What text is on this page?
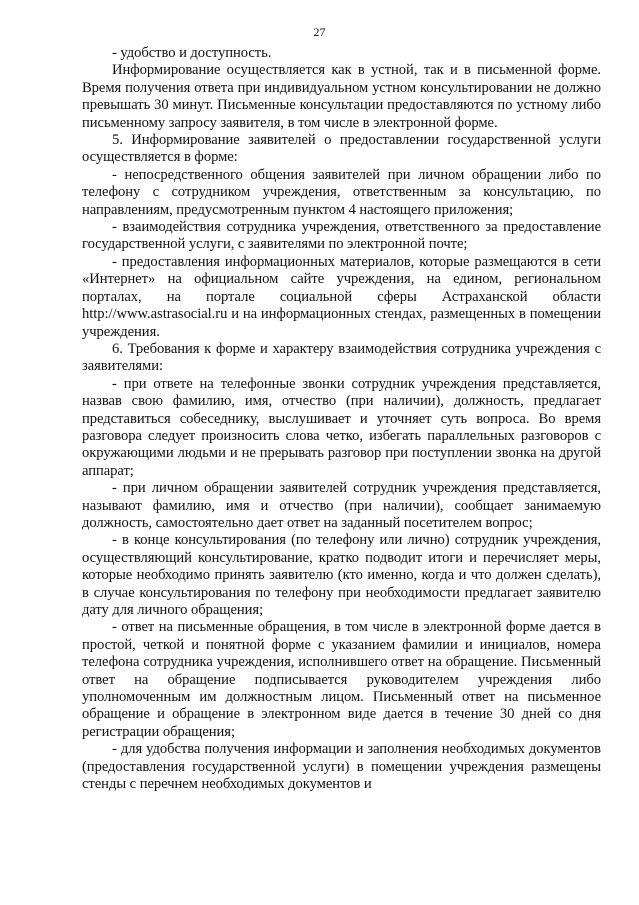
27

- удобство и доступность.

Информирование осуществляется как в устной, так и в письменной форме. Время получения ответа при индивидуальном устном консультировании не должно превышать 30 минут. Письменные консультации предоставляются по устному либо письменному запросу заявителя, в том числе в электронной форме.

5. Информирование заявителей о предоставлении государственной услуги осуществляется в форме:

- непосредственного общения заявителей при личном обращении либо по телефону с сотрудником учреждения, ответственным за консультацию, по направлениям, предусмотренным пунктом 4 настоящего приложения;

- взаимодействия сотрудника учреждения, ответственного за предоставление государственной услуги, с заявителями по электронной почте;

- предоставления информационных материалов, которые размещаются в сети «Интернет» на официальном сайте учреждения, на едином, региональном порталах, на портале социальной сферы Астраханской области http://www.astrasocial.ru и на информационных стендах, размещенных в помещении учреждения.

6. Требования к форме и характеру взаимодействия сотрудника учреждения с заявителями:

- при ответе на телефонные звонки сотрудник учреждения представляется, назвав свою фамилию, имя, отчество (при наличии), должность, предлагает представиться собеседнику, выслушивает и уточняет суть вопроса. Во время разговора следует произносить слова четко, избегать параллельных разговоров с окружающими людьми и не прерывать разговор при поступлении звонка на другой аппарат;

- при личном обращении заявителей сотрудник учреждения представляется, называют фамилию, имя и отчество (при наличии), сообщает занимаемую должность, самостоятельно дает ответ на заданный посетителем вопрос;

- в конце консультирования (по телефону или лично) сотрудник учреждения, осуществляющий консультирование, кратко подводит итоги и перечисляет меры, которые необходимо принять заявителю (кто именно, когда и что должен сделать), в случае консультирования по телефону при необходимости предлагает заявителю дату для личного обращения;

- ответ на письменные обращения, в том числе в электронной форме дается в простой, четкой и понятной форме с указанием фамилии и инициалов, номера телефона сотрудника учреждения, исполнившего ответ на обращение. Письменный ответ на обращение подписывается руководителем учреждения либо уполномоченным им должностным лицом. Письменный ответ на письменное обращение и обращение в электронном виде дается в течение 30 дней со дня регистрации обращения;

- для удобства получения информации и заполнения необходимых документов (предоставления государственной услуги) в помещении учреждения размещены стенды с перечнем необходимых документов и
